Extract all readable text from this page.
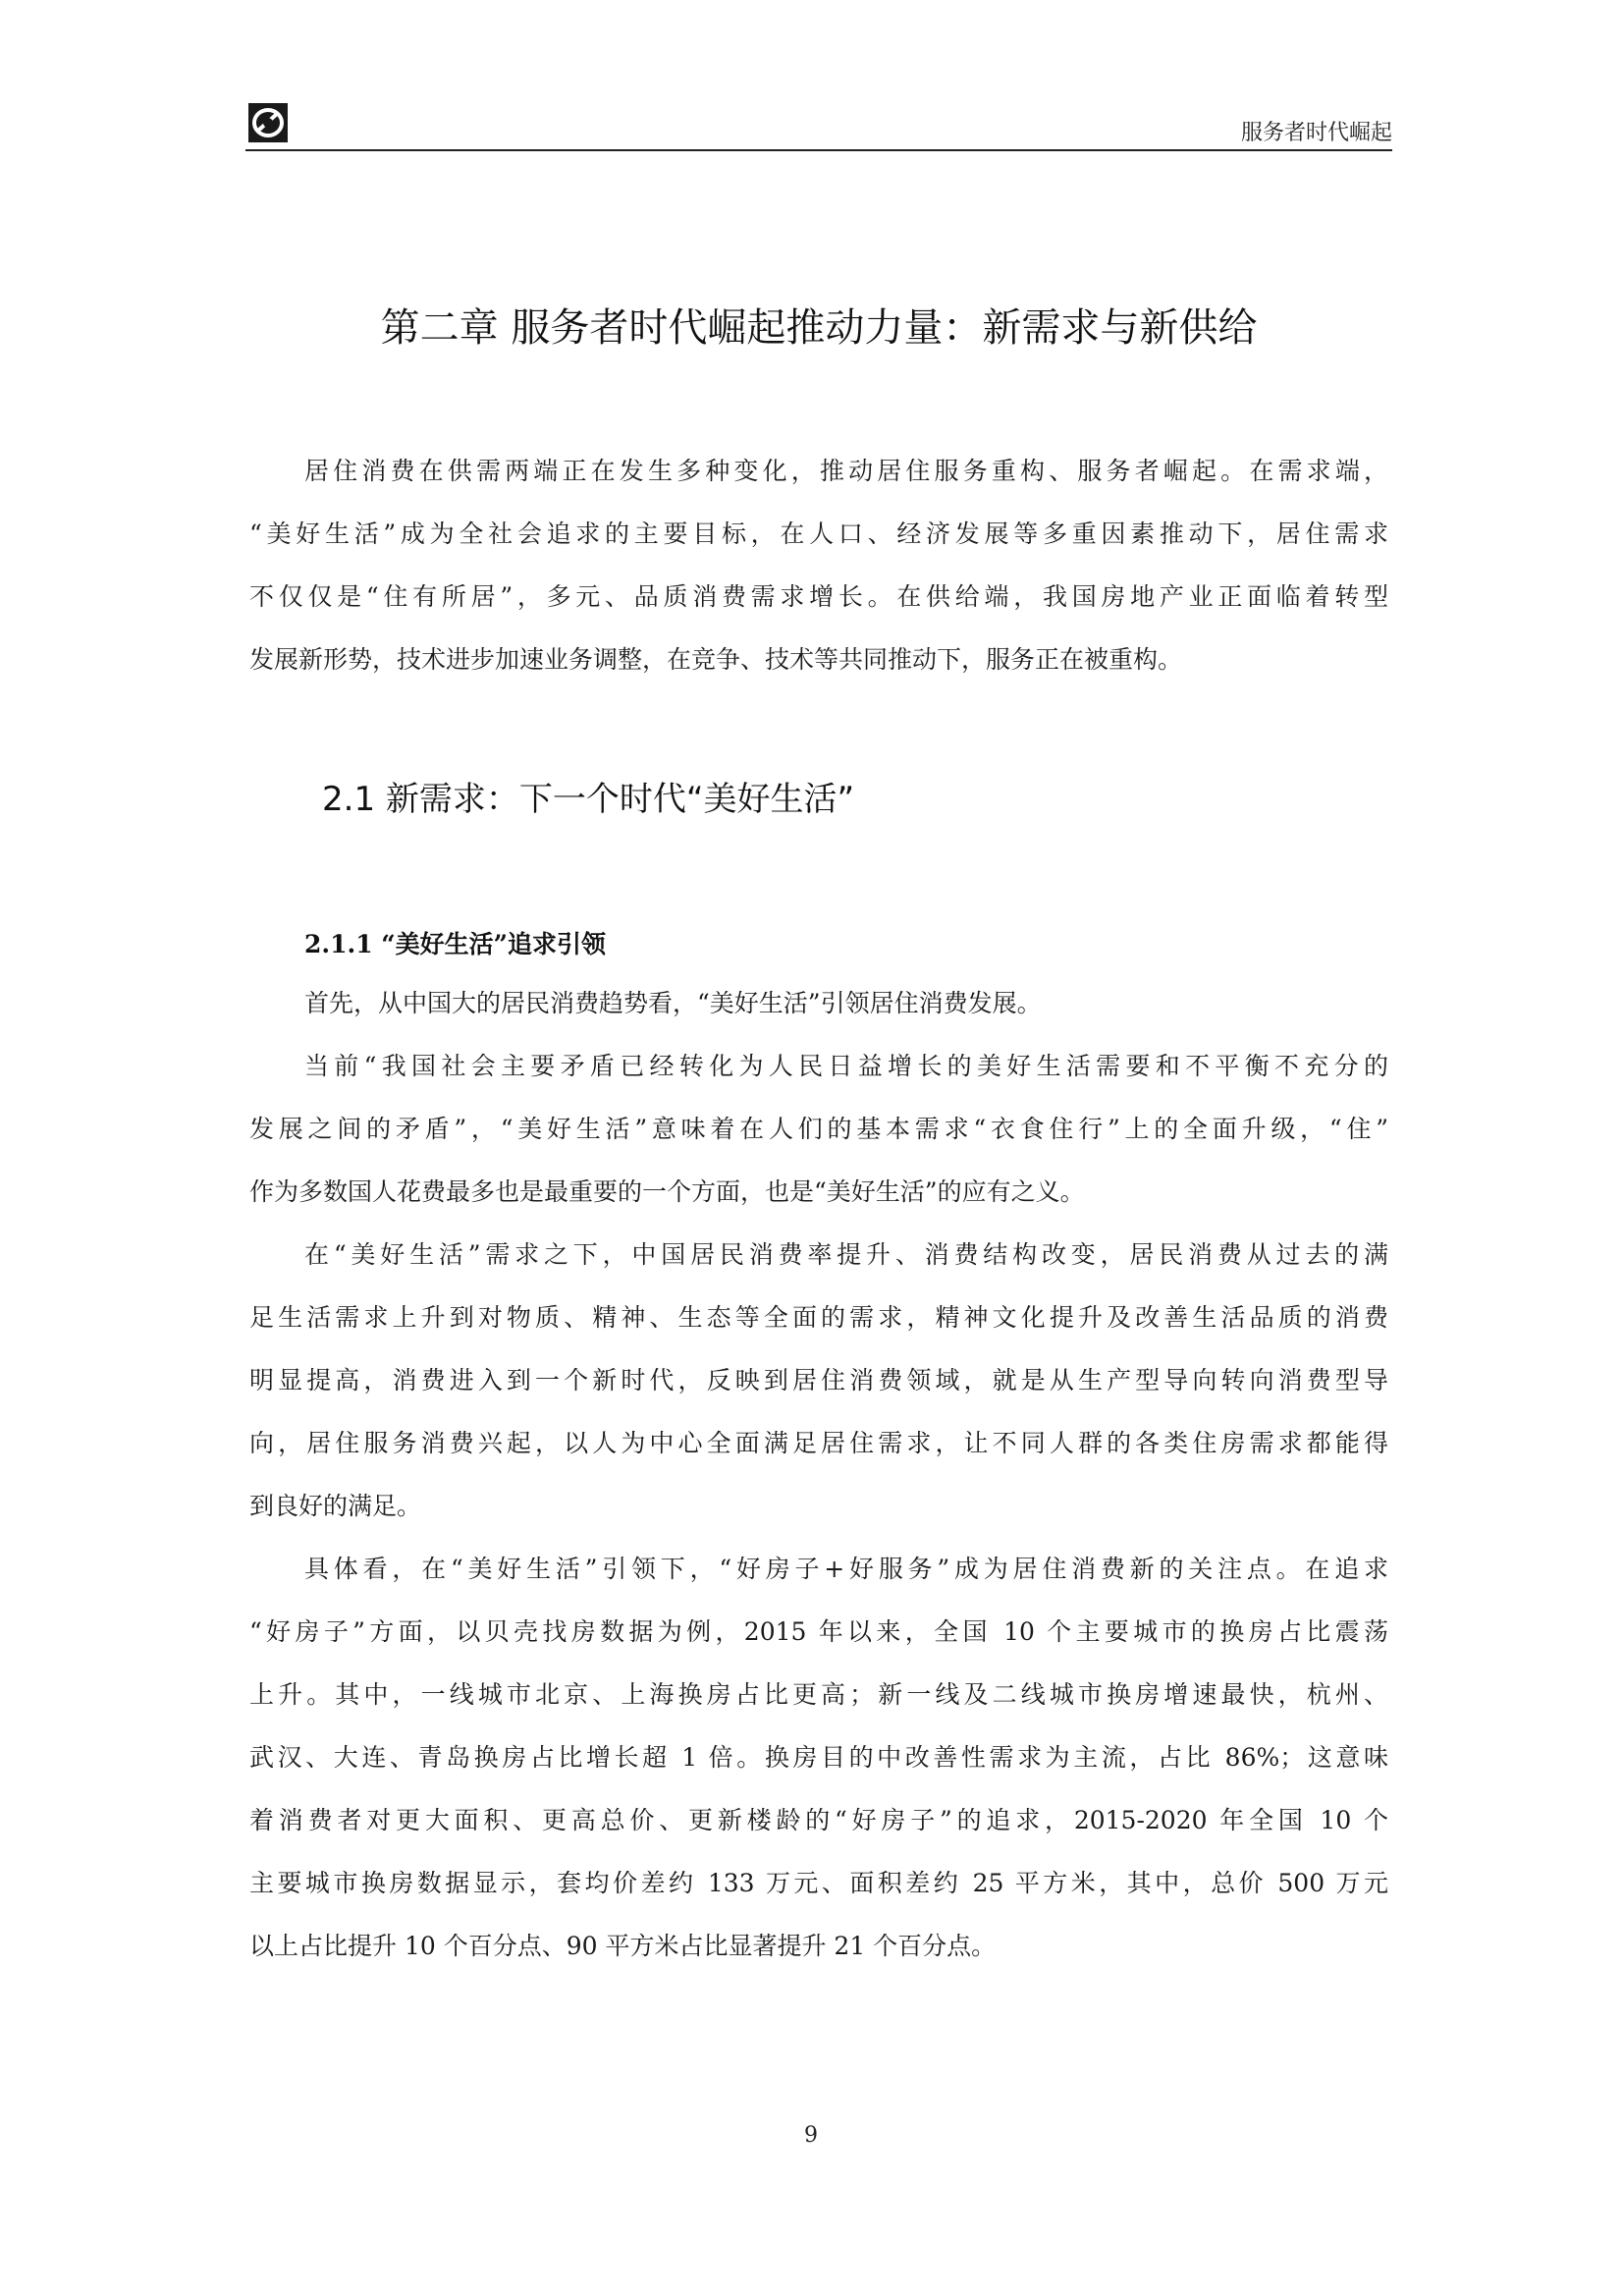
服务者时代崛起
第二章 服务者时代崛起推动力量：新需求与新供给
居住消费在供需两端正在发生多种变化，推动居住服务重构、服务者崛起。在需求端，
“美好生活”成为全社会追求的主要目标，在人口、经济发展等多重因素推动下，居住需求
不仅仅是“住有所居”，多元、品质消费需求增长。在供给端，我国房地产业正面临着转型
发展新形势，技术进步加速业务调整，在竞争、技术等共同推动下，服务正在被重构。
2.1 新需求：下一个时代“美好生活”
2.1.1 “美好生活”追求引领
首先，从中国大的居民消费趋势看，“美好生活”引领居住消费发展。
当前“我国社会主要矛盾已经转化为人民日益增长的美好生活需要和不平衡不充分的
发展之间的矛盾”，“美好生活”意味着在人们的基本需求“衣食住行”上的全面升级，“住”
作为多数国人花费最多也是最重要的一个方面，也是“美好生活”的应有之义。
在“美好生活”需求之下，中国居民消费率提升、消费结构改变，居民消费从过去的满
足生活需求上升到对物质、精神、生态等全面的需求，精神文化提升及改善生活品质的消费
明显提高，消费进入到一个新时代，反映到居住消费领域，就是从生产型导向转向消费型导
向，居住服务消费兴起，以人为中心全面满足居住需求，让不同人群的各类住房需求都能得
到良好的满足。
具体看，在“美好生活”引领下，“好房子+好服务”成为居住消费新的关注点。在追求
“好房子”方面，以贝壳找房数据为例，2015 年以来，全国 10 个主要城市的换房占比震荡
上升。其中，一线城市北京、上海换房占比更高；新一线及二线城市换房增速最快，杭州、
武汉、大连、青岛换房占比增长超 1 倍。换房目的中改善性需求为主流，占比 86%；这意味
着消费者对更大面积、更高总价、更新楼龄的“好房子”的追求，2015-2020 年全国 10 个
主要城市换房数据显示，套均价差约 133 万元、面积差约 25 平方米，其中，总价 500 万元
以上占比提升 10 个百分点、90 平方米占比显著提升 21 个百分点。
9
